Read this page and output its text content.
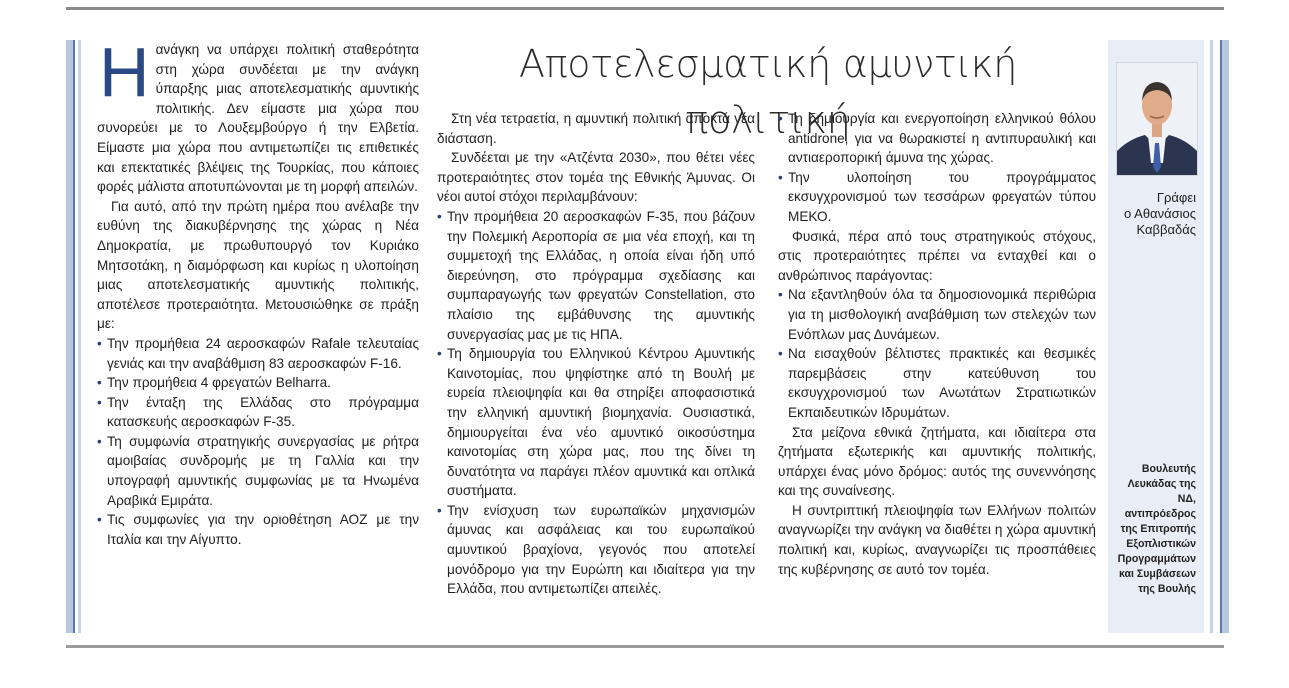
Ηανάγκη να υπάρχει πολιτική σταθερότητα στη χώρα συνδέεται με την ανάγκη ύπαρξης μιας αποτελεσματικής αμυντικής πολιτικής. Δεν είμαστε μια χώρα που συνορεύει με το Λουξεμβούργο ή την Ελβετία. Είμαστε μια χώρα που αντιμετωπίζει τις επιθετικές και επεκτατικές βλέψεις της Τουρκίας, που κάποιες φορές μάλιστα αποτυπώνονται με τη μορφή απειλών.

Για αυτό, από την πρώτη ημέρα που ανέλαβε την ευθύνη της διακυβέρνησης της χώρας η Νέα Δημοκρατία, με πρωθυπουργό τον Κυριάκο Μητσοτάκη, η διαμόρφωση και κυρίως η υλοποίηση μιας αποτελεσματικής αμυντικής πολιτικής, αποτέλεσε προτεραιότητα. Μετουσιώθηκε σε πράξη με:

• Την προμήθεια 24 αεροσκαφών Rafale τελευταίας γενιάς και την αναβάθμιση 83 αεροσκαφών F-16.
• Την προμήθεια 4 φρεγατών Belharra.
• Την ένταξη της Ελλάδας στο πρόγραμμα κατασκευής αεροσκαφών F-35.
• Τη συμφωνία στρατηγικής συνεργασίας με ρήτρα αμοιβαίας συνδρομής με τη Γαλλία και την υπογραφή αμυντικής συμφωνίας με τα Ηνωμένα Αραβικά Εμιράτα.
• Τις συμφωνίες για την οριοθέτηση ΑΟΖ με την Ιταλία και την Αίγυπτο.
Αποτελεσματική αμυντική πολιτική

Στη νέα τετραετία, η αμυντική πολιτική αποκτά νέα διάσταση.

Συνδέεται με την «Ατζέντα 2030», που θέτει νέες προτεραιότητες στον τομέα της Εθνικής Άμυνας. Οι νέοι αυτοί στόχοι περιλαμβάνουν:

• Την προμήθεια 20 αεροσκαφών F-35, που βάζουν την Πολεμική Αεροπορία σε μια νέα εποχή, και τη συμμετοχή της Ελλάδας, η οποία είναι ήδη υπό διερεύνηση, στο πρόγραμμα σχεδίασης και συμπαραγωγής των φρεγατών Constellation, στο πλαίσιο της εμβάθυνσης της αμυντικής συνεργασίας μας με τις ΗΠΑ.
• Τη δημιουργία του Ελληνικού Κέντρου Αμυντικής Καινοτομίας, που ψηφίστηκε από τη Βουλή με ευρεία πλειοψηφία και θα στηρίξει αποφασιστικά την ελληνική αμυντική βιομηχανία. Ουσιαστικά, δημιουργείται ένα νέο αμυντικό οικοσύστημα καινοτομίας στη χώρα μας, που της δίνει τη δυνατότητα να παράγει πλέον αμυντικά και οπλικά συστήματα.
• Την ενίσχυση των ευρωπαϊκών μηχανισμών άμυνας και ασφάλειας και του ευρωπαϊκού αμυντικού βραχίονα, γεγονός που αποτελεί μονόδρομο για την Ευρώπη και ιδιαίτερα για την Ελλάδα, που αντιμετωπίζει απειλές.
• Τη δημιουργία και ενεργοποίηση ελληνικού θόλου antidrone, για να θωρακιστεί η αντιπυραυλική και αντιαεροπορική άμυνα της χώρας.
• Την υλοποίηση του προγράμματος εκσυγχρονισμού των τεσσάρων φρεγατών τύπου ΜΕΚΟ.

Φυσικά, πέρα από τους στρατηγικούς στόχους, στις προτεραιότητες πρέπει να ενταχθεί και ο ανθρώπινος παράγοντας:

• Να εξαντληθούν όλα τα δημοσιονομικά περιθώρια για τη μισθολογική αναβάθμιση των στελεχών των Ενόπλων μας Δυνάμεων.
• Να εισαχθούν βέλτιστες πρακτικές και θεσμικές παρεμβάσεις στην κατεύθυνση του εκσυγχρονισμού των Ανωτάτων Στρατιωτικών Εκπαιδευτικών Ιδρυμάτων.

Στα μείζονα εθνικά ζητήματα, και ιδιαίτερα στα ζητήματα εξωτερικής και αμυντικής πολιτικής, υπάρχει ένας μόνο δρόμος: αυτός της συνεννόησης και της συναίνεσης.

Η συντριπτική πλειοψηφία των Ελλήνων πολιτών αναγνωρίζει την ανάγκη να διαθέτει η χώρα αμυντική πολιτική και, κυρίως, αναγνωρίζει τις προσπάθειες της κυβέρνησης σε αυτό τον τομέα.

Γράφει
ο Αθανάσιος
Καββαδάς
Βουλευτής
Λευκάδας της ΝΔ,
αντιπρόεδρος
της Επιτροπής
Εξοπλιστικών
Προγραμμάτων
και Συμβάσεων
της Βουλής
